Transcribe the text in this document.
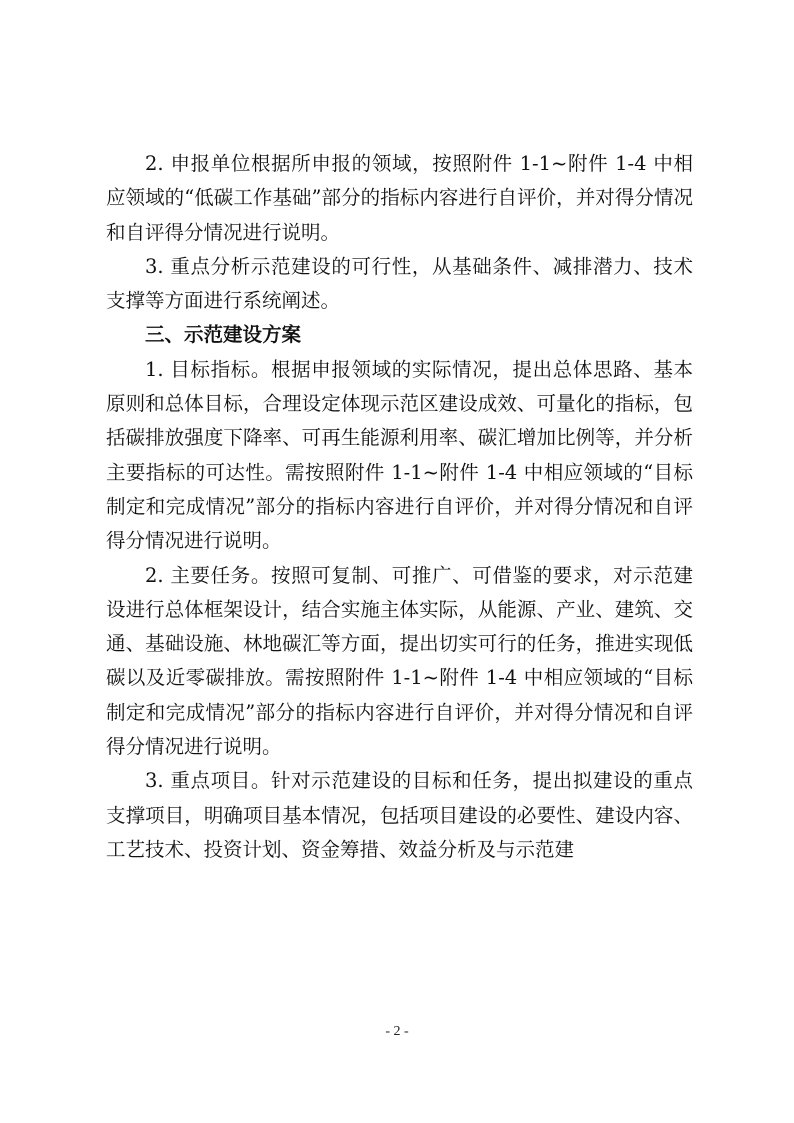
2. 申报单位根据所申报的领域，按照附件 1-1~附件 1-4 中相应领域的“低碳工作基础”部分的指标内容进行自评价，并对得分情况和自评得分情况进行说明。

3. 重点分析示范建设的可行性，从基础条件、减排潜力、技术支撑等方面进行系统阐述。

三、示范建设方案

1. 目标指标。根据申报领域的实际情况，提出总体思路、基本原则和总体目标，合理设定体现示范区建设成效、可量化的指标，包括碳排放强度下降率、可再生能源利用率、碳汇增加比例等，并分析主要指标的可达性。需按照附件 1-1~附件 1-4 中相应领域的“目标制定和完成情况”部分的指标内容进行自评价，并对得分情况和自评得分情况进行说明。

2. 主要任务。按照可复制、可推广、可借鉴的要求，对示范建设进行总体框架设计，结合实施主体实际，从能源、产业、建筑、交通、基础设施、林地碳汇等方面，提出切实可行的任务，推进实现低碳以及近零碳排放。需按照附件 1-1~附件 1-4 中相应领域的“目标制定和完成情况”部分的指标内容进行自评价，并对得分情况和自评得分情况进行说明。

3. 重点项目。针对示范建设的目标和任务，提出拟建设的重点支撑项目，明确项目基本情况，包括项目建设的必要性、建设内容、工艺技术、投资计划、资金筹措、效益分析及与示范建

- 2 -
